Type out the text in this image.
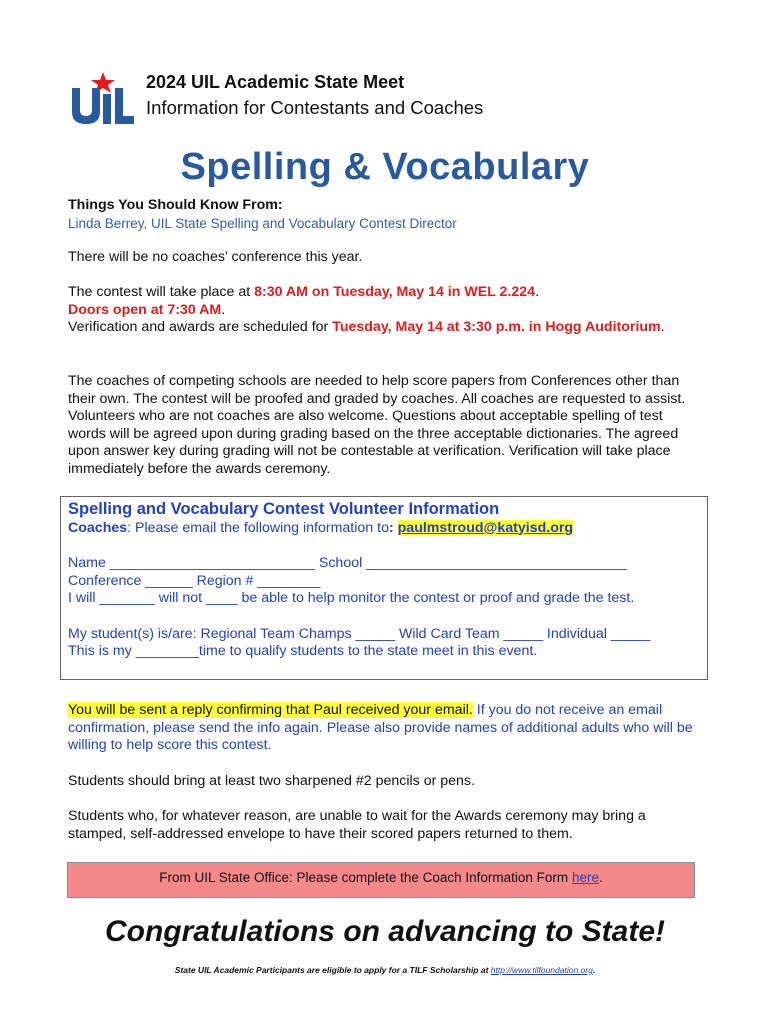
2024 UIL Academic State Meet
Information for Contestants and Coaches
Spelling & Vocabulary
Things You Should Know From:
Linda Berrey, UIL State Spelling and Vocabulary Contest Director
There will be no coaches’ conference this year.
The contest will take place at 8:30 AM on Tuesday, May 14 in WEL 2.224.
Doors open at 7:30 AM.
Verification and awards are scheduled for Tuesday, May 14 at 3:30 p.m. in Hogg Auditorium.
The coaches of competing schools are needed to help score papers from Conferences other than their own. The contest will be proofed and graded by coaches. All coaches are requested to assist. Volunteers who are not coaches are also welcome. Questions about acceptable spelling of test words will be agreed upon during grading based on the three acceptable dictionaries. The agreed upon answer key during grading will not be contestable at verification. Verification will take place immediately before the awards ceremony.
Spelling and Vocabulary Contest Volunteer Information
Coaches: Please email the following information to: paulmstroud@katyisd.org
Name __________________________ School _________________________________
Conference ______ Region # ________
I will _______ will not ____ be able to help monitor the contest or proof and grade the test.
My student(s) is/are: Regional Team Champs _____ Wild Card Team _____ Individual _____
This is my ________time to qualify students to the state meet in this event.
You will be sent a reply confirming that Paul received your email. If you do not receive an email confirmation, please send the info again. Please also provide names of additional adults who will be willing to help score this contest.
Students should bring at least two sharpened #2 pencils or pens.
Students who, for whatever reason, are unable to wait for the Awards ceremony may bring a stamped, self-addressed envelope to have their scored papers returned to them.
From UIL State Office: Please complete the Coach Information Form here.
Congratulations on advancing to State!
State UIL Academic Participants are eligible to apply for a TILF Scholarship at http://www.tilfoundation.org.
